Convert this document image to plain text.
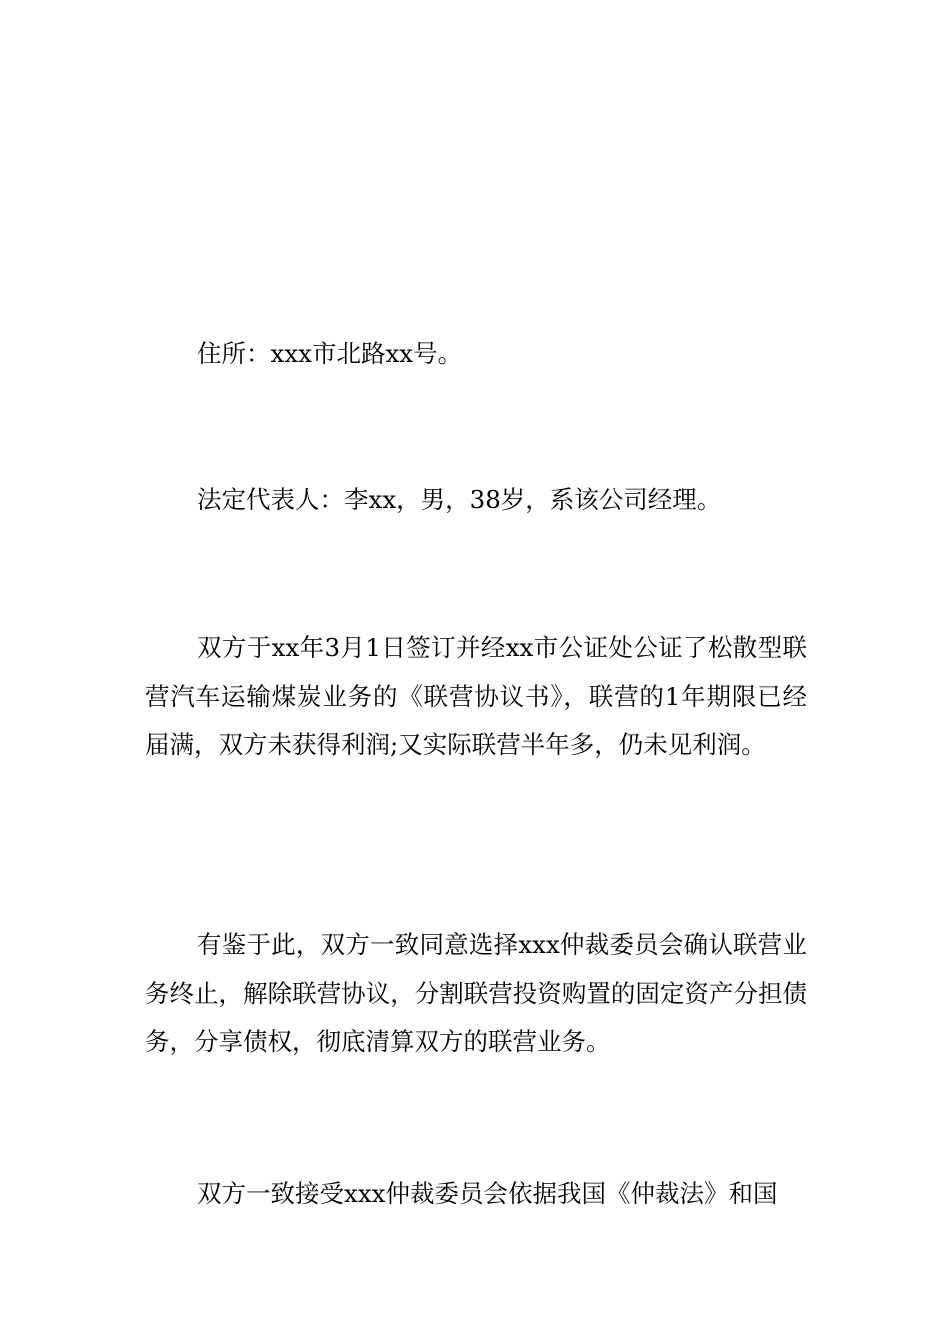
住所：xxx市北路xx号。

法定代表人：李xx，男，38岁，系该公司经理。

双方于xx年3月1日签订并经xx市公证处公证了松散型联营汽车运输煤炭业务的《联营协议书》，联营的1年期限已经届满，双方未获得利润;又实际联营半年多，仍未见利润。

有鉴于此，双方一致同意选择xxx仲裁委员会确认联营业务终止，解除联营协议，分割联营投资购置的固定资产分担债务，分享债权，彻底清算双方的联营业务。

双方一致接受xxx仲裁委员会依据我国《仲裁法》和国
